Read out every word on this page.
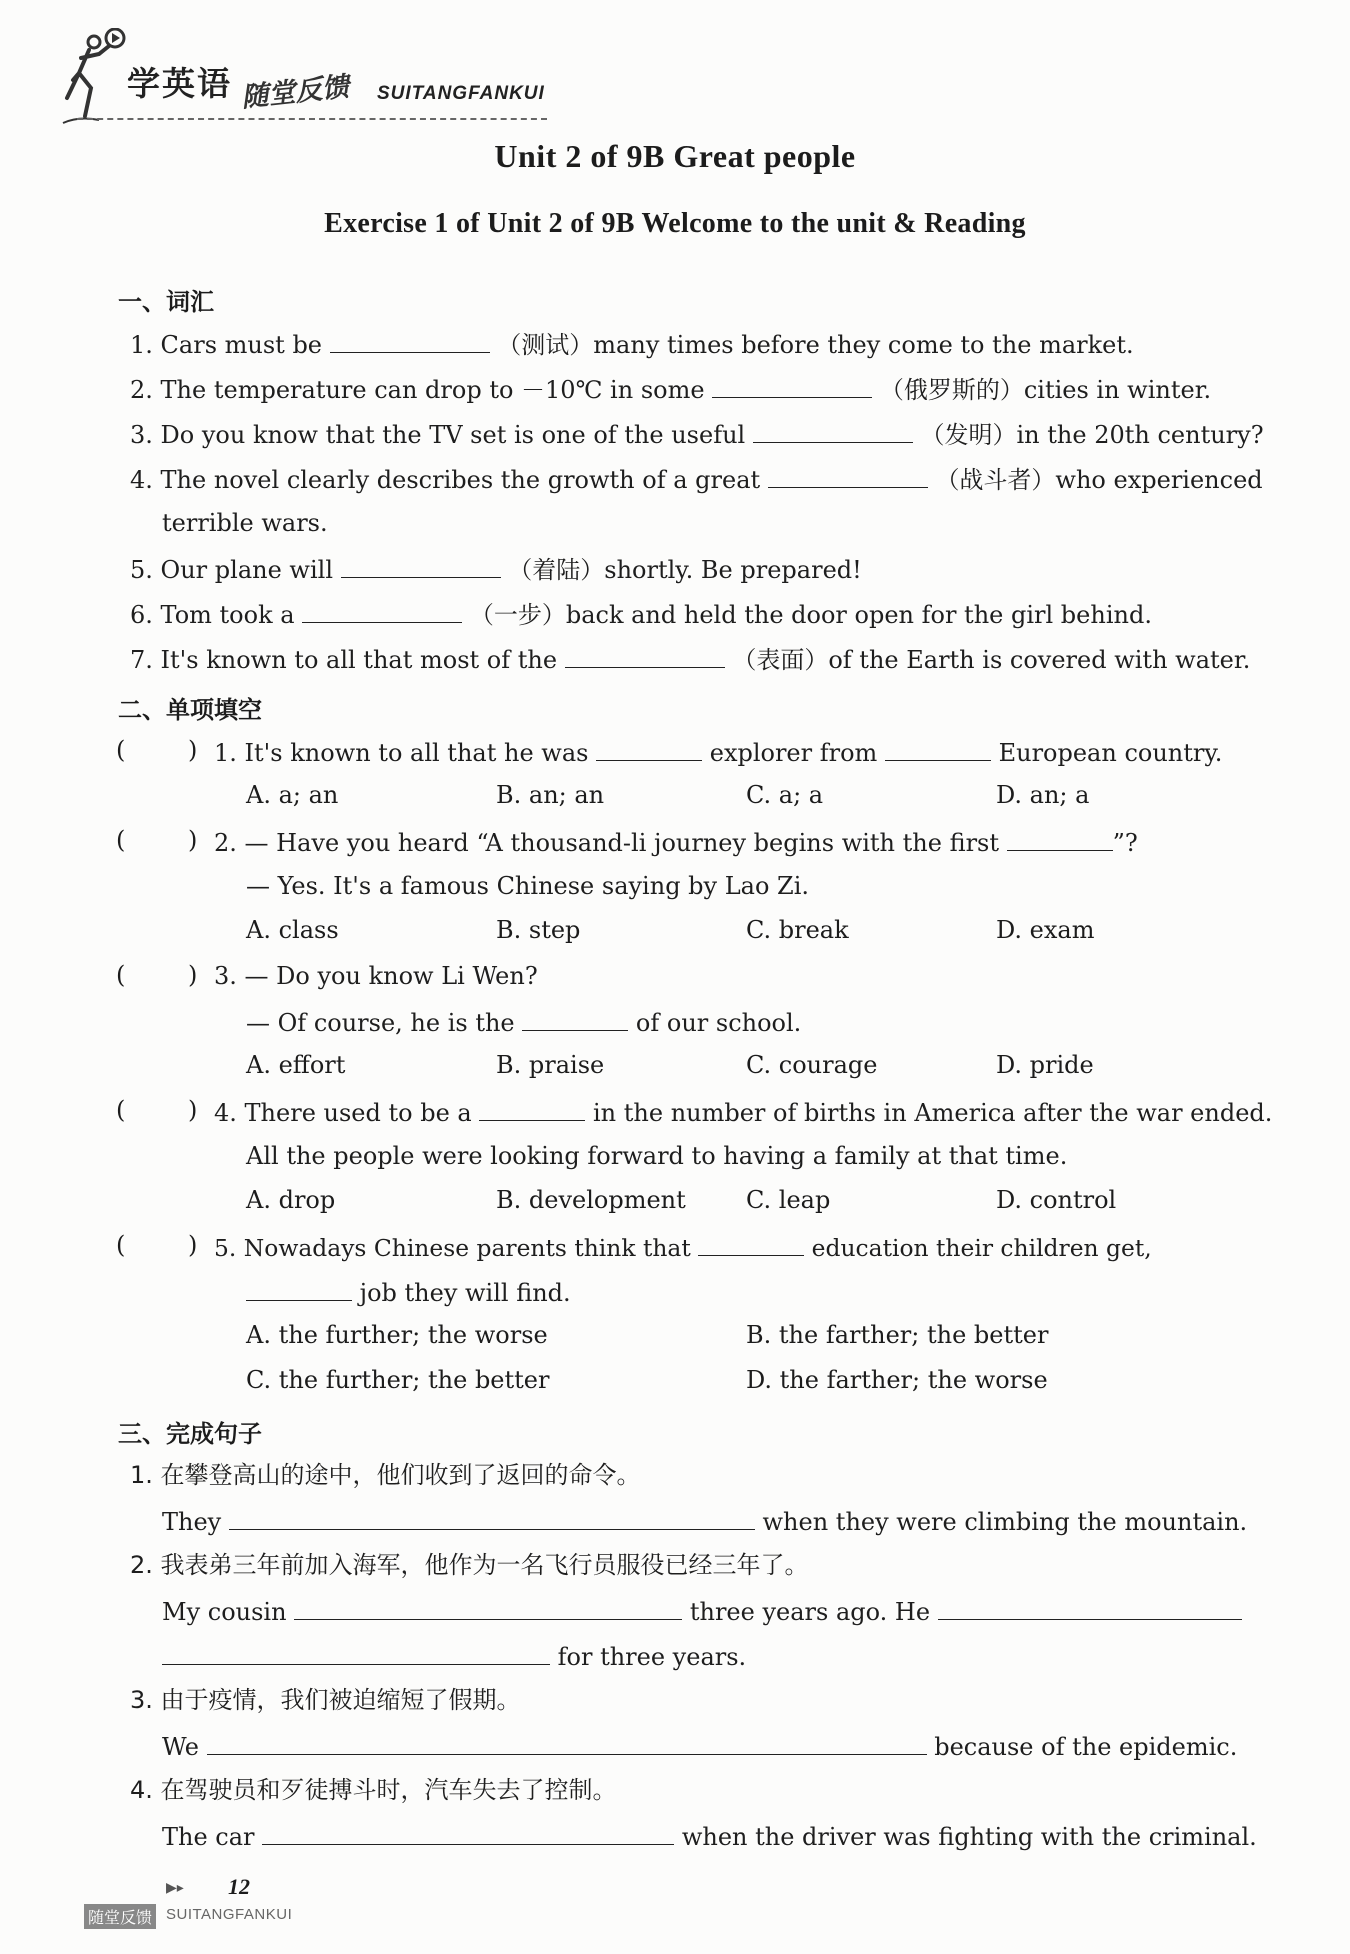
学英语 随堂反馈 SUITANGFANKUI
Unit 2 of 9B Great people
Exercise 1 of Unit 2 of 9B Welcome to the unit & Reading
一、词汇
1. Cars must be	（测试）many times before they come to the market.
2. The temperature can drop to －10℃ in some	（俄罗斯的）cities in winter.
3. Do you know that the TV set is one of the useful	（发明）in the 20th century?
4. The novel clearly describes the growth of a great	（战斗者）who experienced
terrible wars.
5. Our plane will	（着陆）shortly. Be prepared!
6. Tom took a	（一步）back and held the door open for the girl behind.
7. It's known to all that most of the	（表面）of the Earth is covered with water.
二、单项填空
(	) 1. It's known to all that he was	explorer from	European country.
A. a; an	B. an; an	C. a; a	D. an; a
(	) 2. — Have you heard “A thousand-li journey begins with the first	”?
— Yes. It's a famous Chinese saying by Lao Zi.
A. class	B. step	C. break	D. exam
(	) 3. — Do you know Li Wen?
— Of course, he is the	of our school.
A. effort	B. praise	C. courage	D. pride
(	) 4. There used to be a	in the number of births in America after the war ended.
All the people were looking forward to having a family at that time.
A. drop	B. development	C. leap	D. control
(	) 5. Nowadays Chinese parents think that	education their children get,
job they will find.
A. the further; the worse	B. the farther; the better
C. the further; the better	D. the farther; the worse
三、完成句子
1. 在攀登高山的途中，他们收到了返回的命令。
They	when they were climbing the mountain.
2. 我表弟三年前加入海军，他作为一名飞行员服役已经三年了。
My cousin	three years ago. He
for three years.
3. 由于疫情，我们被迫缩短了假期。
We	because of the epidemic.
4. 在驾驶员和歹徒搏斗时，汽车失去了控制。
The car	when the driver was fighting with the criminal.
▶▸ 12
随堂反馈 SUITANGFANKUI
